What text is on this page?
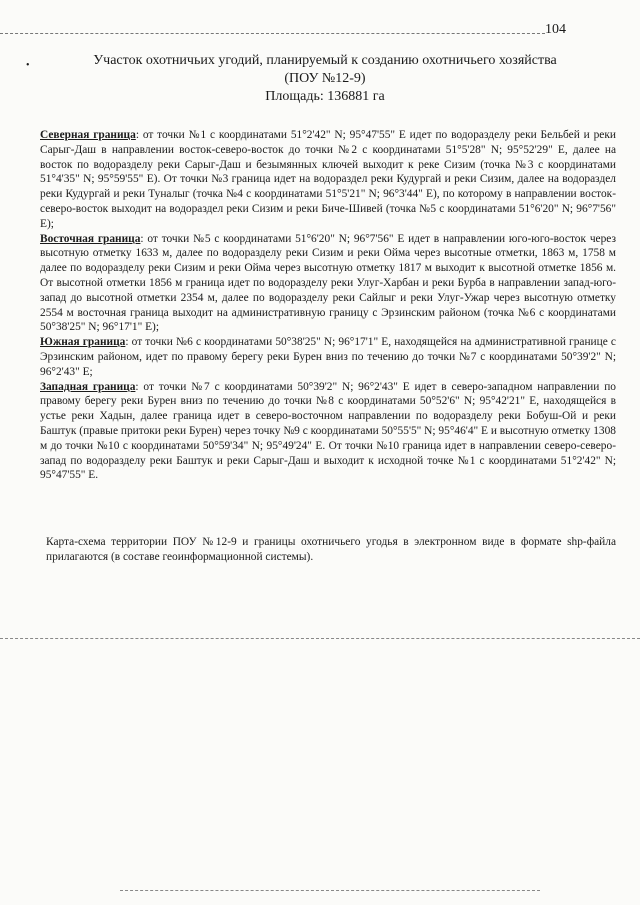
104
•	Участок охотничьих угодий, планируемый к созданию охотничьего хозяйства
(ПОУ №12-9)
Площадь: 136881 га

Северная граница: от точки №1 с координатами 51°2'42" N; 95°47'55" E идет по водоразделу реки Бельбей и реки Сарыг-Даш в направлении восток-северо-восток до точки №2 с координатами 51°5'28" N; 95°52'29" E, далее на восток по водоразделу реки Сарыг-Даш и безымянных ключей выходит к реке Сизим (точка №3 с координатами 51°4'35" N; 95°59'55" E). От точки №3 граница идет на водораздел реки Кудургай и реки Сизим, далее на водораздел реки Кудургай и реки Туналыг (точка №4 с координатами 51°5'21" N; 96°3'44" E), по которому в направлении восток-северо-восток выходит на водораздел реки Сизим и реки Биче-Шивей (точка №5 с координатами 51°6'20" N; 96°7'56" E);

Восточная граница: от точки №5 с координатами 51°6'20" N; 96°7'56" E идет в направлении юго-юго-восток через высотную отметку 1633 м, далее по водоразделу реки Сизим и реки Ойма через высотные отметки, 1863 м, 1758 м далее по водоразделу реки Сизим и реки Ойма через высотную отметку 1817 м выходит к высотной отметке 1856 м. От высотной отметки 1856 м граница идет по водоразделу реки Улуг-Харбан и реки Бурба в направлении запад-юго-запад до высотной отметки 2354 м, далее по водоразделу реки Сайлыг и реки Улуг-Ужар через высотную отметку 2554 м восточная граница выходит на административную границу с Эрзинским районом (точка №6 с координатами 50°38'25" N; 96°17'1" E);

Южная граница: от точки №6 с координатами 50°38'25" N; 96°17'1" E, находящейся на административной границе с Эрзинским районом, идет по правому берегу реки Бурен вниз по течению до точки №7 с координатами 50°39'2" N; 96°2'43" E;

Западная граница: от точки №7 с координатами 50°39'2" N; 96°2'43" E идет в северо-западном направлении по правому берегу реки Бурен вниз по течению до точки №8 с координатами 50°52'6" N; 95°42'21" E, находящейся в устье реки Хадын, далее граница идет в северо-восточном направлении по водоразделу реки Бобуш-Ой и реки Баштук (правые притоки реки Бурен) через точку №9 с координатами 50°55'5" N; 95°46'4" E и высотную отметку 1308 м до точки №10 с координатами 50°59'34" N; 95°49'24" E. От точки №10 граница идет в направлении северо-северо-запад по водоразделу реки Баштук и реки Сарыг-Даш и выходит к исходной точке №1 с координатами 51°2'42" N; 95°47'55" E.

Карта-схема территории ПОУ №12-9 и границы охотничьего угодья в электронном виде в формате shp-файла прилагаются (в составе геоинформационной системы).
